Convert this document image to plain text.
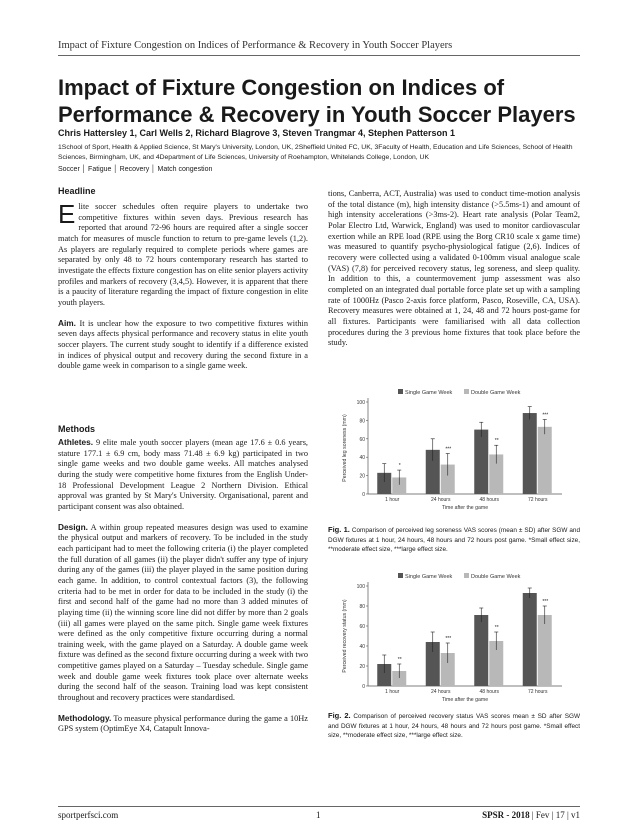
Impact of Fixture Congestion on Indices of Performance & Recovery in Youth Soccer Players
Impact of Fixture Congestion on Indices of Performance & Recovery in Youth Soccer Players
Chris Hattersley 1, Carl Wells 2, Richard Blagrove 3, Steven Trangmar 4, Stephen Patterson 1
1School of Sport, Health & Applied Science, St Mary's University, London, UK, 2Sheffield United FC, UK, 3Faculty of Health, Education and Life Sciences, School of Health Sciences, Birmingham, UK, and 4Department of Life Sciences, University of Roehampton, Whitelands College, London, UK
Soccer │ Fatigue │ Recovery │ Match congestion
Headline

Elite soccer schedules often require players to undertake two competitive fixtures within seven days. Previous research has reported that around 72-96 hours are required after a single soccer match for measures of muscle function to return to pre-game levels (1,2). As players are regularly required to complete periods where games are separated by only 48 to 72 hours contemporary research has started to investigate the effects fixture congestion has on elite senior players activity profiles and markers of recovery (3,4,5). However, it is apparent that there is a paucity of literature regarding the impact of fixture congestion in elite youth players.

Aim. It is unclear how the exposure to two competitive fixtures within seven days affects physical performance and recovery status in elite youth soccer players. The current study sought to identify if a difference existed in indices of physical output and recovery during the second fixture in a double game week in comparison to a single game week.

Methods

Athletes. 9 elite male youth soccer players (mean age 17.6 ± 0.6 years, stature 177.1 ± 6.9 cm, body mass 71.48 ± 6.9 kg) participated in two single game weeks and two double game weeks. All matches analysed during the study were competitive home fixtures from the English Under-18 Professional Development League 2 Northern Division. Ethical approval was granted by St Mary's University. Organisational, parent and participant consent was also obtained.

Design. A within group repeated measures design was used to examine the physical output and markers of recovery. To be included in the study each participant had to meet the following criteria (i) the player completed the full duration of all games (ii) the player didn't suffer any type of injury during any of the games (iii) the player played in the same position during each game. In addition, to control contextual factors (3), the following criteria had to be met in order for data to be included in the study (i) the first and second half of the game had no more than 3 added minutes of playing time (ii) the winning score line did not differ by more than 2 goals (iii) all games were played on the same pitch. Single game week fixtures were defined as the only competitive fixture occurring during a normal training week, with the game played on a Saturday. A double game week fixture was defined as the second fixture occurring during a week with two competitive games played on a Saturday – Tuesday schedule. Single game week and double game week fixtures took place over alternate weeks during the second half of the season. Training load was kept consistent throughout and recovery practices were standardised.

Methodology. To measure physical performance during the game a 10Hz GPS system (OptimEye X4, Catapult Innova-

tions, Canberra, ACT, Australia) was used to conduct time-motion analysis of the total distance (m), high intensity distance (>5.5ms-1) and amount of high intensity accelerations (>3ms-2). Heart rate analysis (Polar Team2, Polar Electro Ltd, Warwick, England) was used to monitor cardiovascular exertion while an RPE load (RPE using the Borg CR10 scale x game time) was measured to quantify psycho-physiological fatigue (2,6). Indices of recovery were collected using a validated 0-100mm visual analogue scale (VAS) (7,8) for perceived recovery status, leg soreness, and sleep quality. In addition to this, a countermovement jump assessment was also completed on an integrated dual portable force plate set up with a sampling rate of 1000Hz (Pasco 2-axis force platform, Pasco, Roseville, CA, USA). Recovery measures were obtained at 1, 24, 48 and 72 hours post-game for all fixtures. Participants were familiarised with all data collection procedures during the 3 previous home fixtures that took place before the study.

Single Game Week	Double Game Week
0
20
40
60
80
100
Perceived leg soreness (mm)	*
1 hour
***
24 hours
**
48 hours
***
72 hours
Time after the game
Fig. 1. Comparison of perceived leg soreness VAS scores (mean ± SD) after SGW and DGW fixtures at 1 hour, 24 hours, 48 hours and 72 hours post game. *Small effect size, **moderate effect size, ***large effect size.
Single Game Week	Double Game Week
0
20
40
60
80
100
Perceived recovery status (mm)	**
1 hour
***
24 hours
**
48 hours
***
72 hours
Time after the game
Fig. 2. Comparison of perceived recovery status VAS scores mean ± SD after SGW and DGW fixtures at 1 hour, 24 hours, 48 hours and 72 hours post game. *Small effect size, **moderate effect size, ***large effect size.
sportperfsci.com	1	SPSR - 2018 | Fev | 17 | v1
